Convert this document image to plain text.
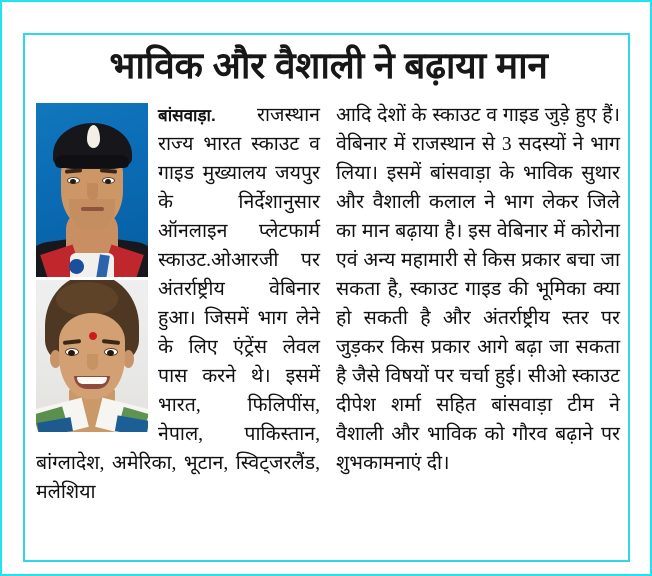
भाविक और वैशाली ने बढ़ाया मान

बांसवाड़ा. राजस्थान राज्य भारत स्काउट व गाइड मुख्यालय जयपुर के निर्देशानुसार ऑनलाइन प्लेटफार्म स्काउट.ओआरजी पर अंतर्राष्ट्रीय वेबिनार हुआ। जिसमें भाग लेने के लिए एंट्रेंस लेवल पास करने थे। इसमें भारत, फिलिपींस, नेपाल, पाकिस्तान, बांग्लादेश, अमेरिका, भूटान, स्विट्जरलैंड, मलेशिया

आदि देशों के स्काउट व गाइड जुड़े हुए हैं। वेबिनार में राजस्थान से 3 सदस्यों ने भाग लिया। इसमें बांसवाड़ा के भाविक सुथार और वैशाली कलाल ने भाग लेकर जिले का मान बढ़ाया है। इस वेबिनार में कोरोना एवं अन्य महामारी से किस प्रकार बचा जा सकता है, स्काउट गाइड की भूमिका क्या हो सकती है और अंतर्राष्ट्रीय स्तर पर जुड़कर किस प्रकार आगे बढ़ा जा सकता है जैसे विषयों पर चर्चा हुई। सीओ स्काउट दीपेश शर्मा सहित बांसवाड़ा टीम ने वैशाली और भाविक को गौरव बढ़ाने पर शुभकामनाएं दी।
